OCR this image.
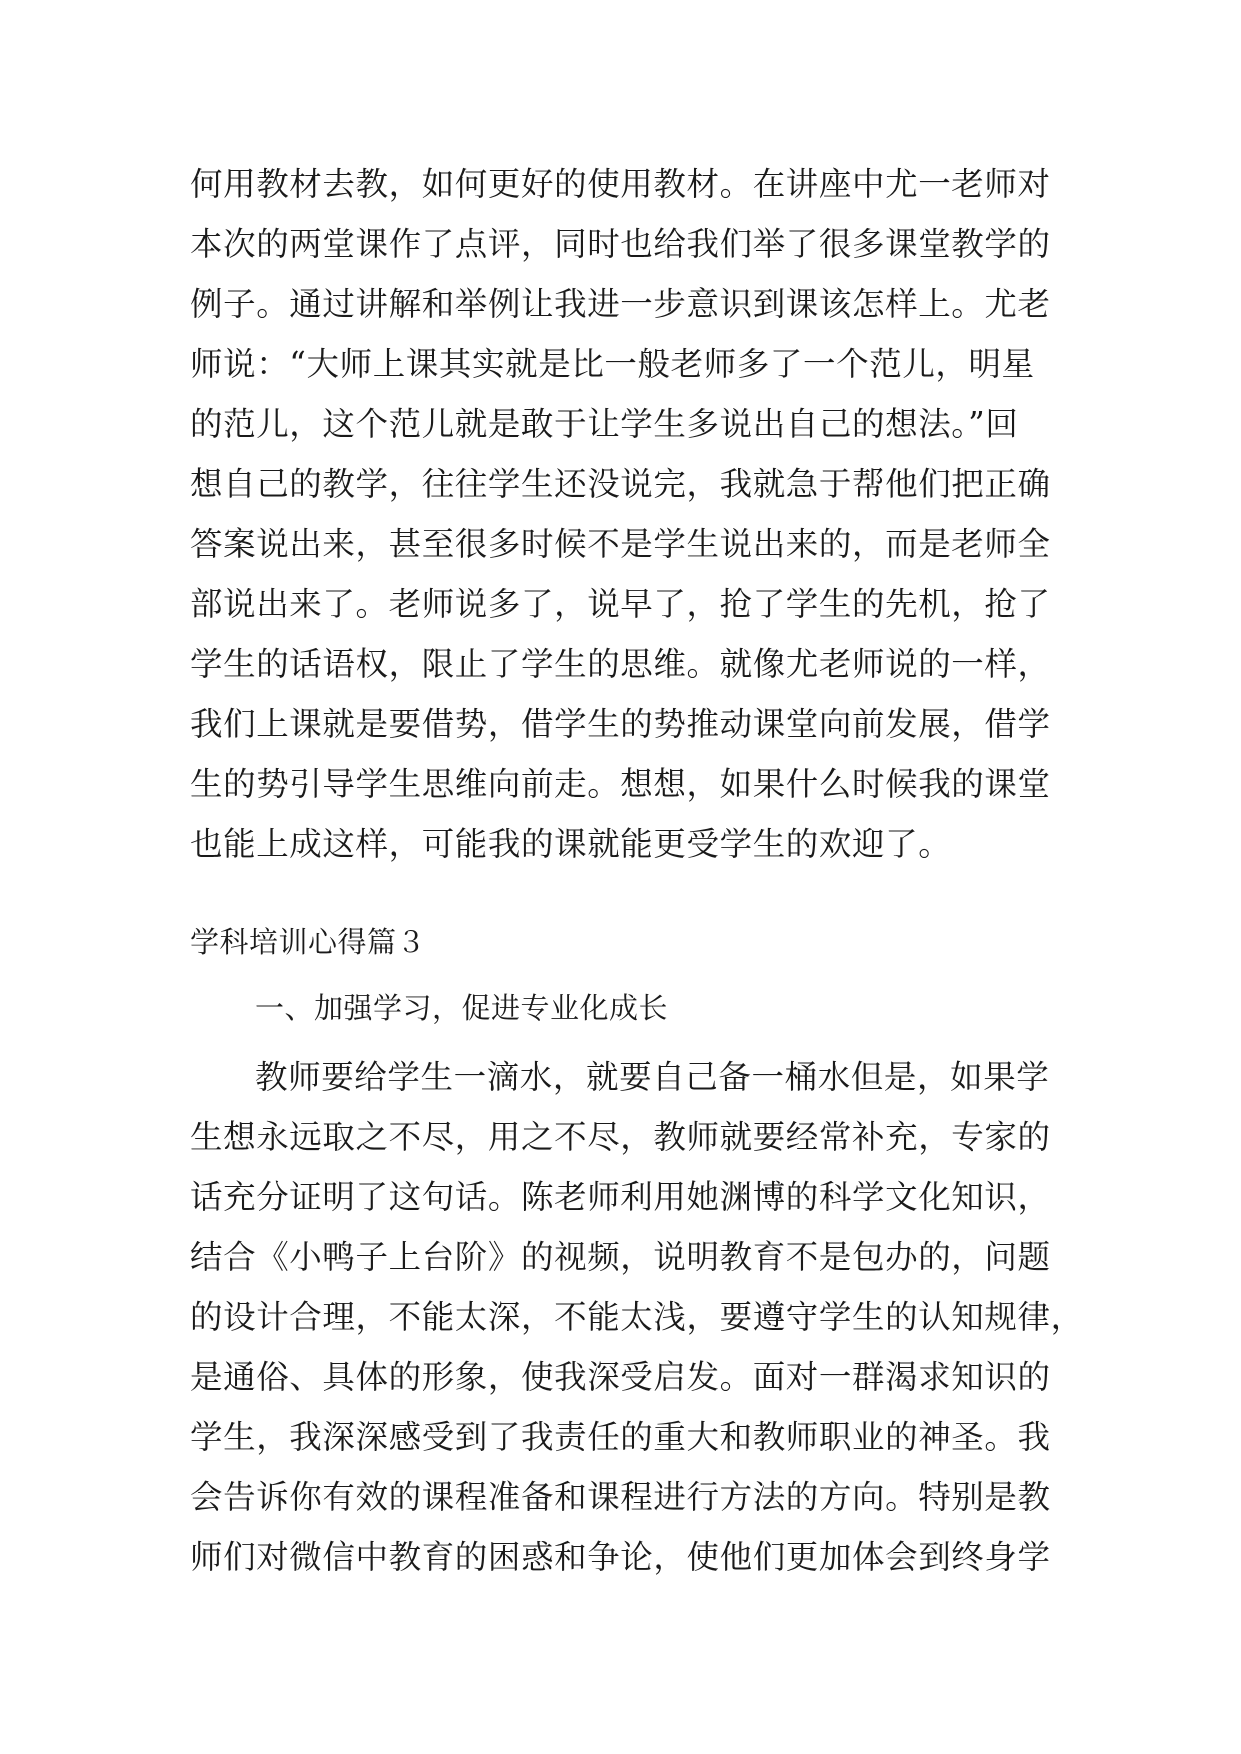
何用教材去教，如何更好的使用教材。在讲座中尤一老师对
本次的两堂课作了点评，同时也给我们举了很多课堂教学的
例子。通过讲解和举例让我进一步意识到课该怎样上。尤老
师说：“大师上课其实就是比一般老师多了一个范儿，明星
的范儿，这个范儿就是敢于让学生多说出自己的想法。”回
想自己的教学，往往学生还没说完，我就急于帮他们把正确
答案说出来，甚至很多时候不是学生说出来的，而是老师全
部说出来了。老师说多了，说早了，抢了学生的先机，抢了
学生的话语权，限止了学生的思维。就像尤老师说的一样，
我们上课就是要借势，借学生的势推动课堂向前发展，借学
生的势引导学生思维向前走。想想，如果什么时候我的课堂
也能上成这样，可能我的课就能更受学生的欢迎了。
学科培训心得篇３
一、加强学习，促进专业化成长
教师要给学生一滴水，就要自己备一桶水但是，如果学
生想永远取之不尽，用之不尽，教师就要经常补充，专家的
话充分证明了这句话。陈老师利用她渊博的科学文化知识，
结合《小鸭子上台阶》的视频，说明教育不是包办的，问题
的设计合理，不能太深，不能太浅，要遵守学生的认知规律，
是通俗、具体的形象，使我深受启发。面对一群渴求知识的
学生，我深深感受到了我责任的重大和教师职业的神圣。我
会告诉你有效的课程准备和课程进行方法的方向。特别是教
师们对微信中教育的困惑和争论，使他们更加体会到终身学
